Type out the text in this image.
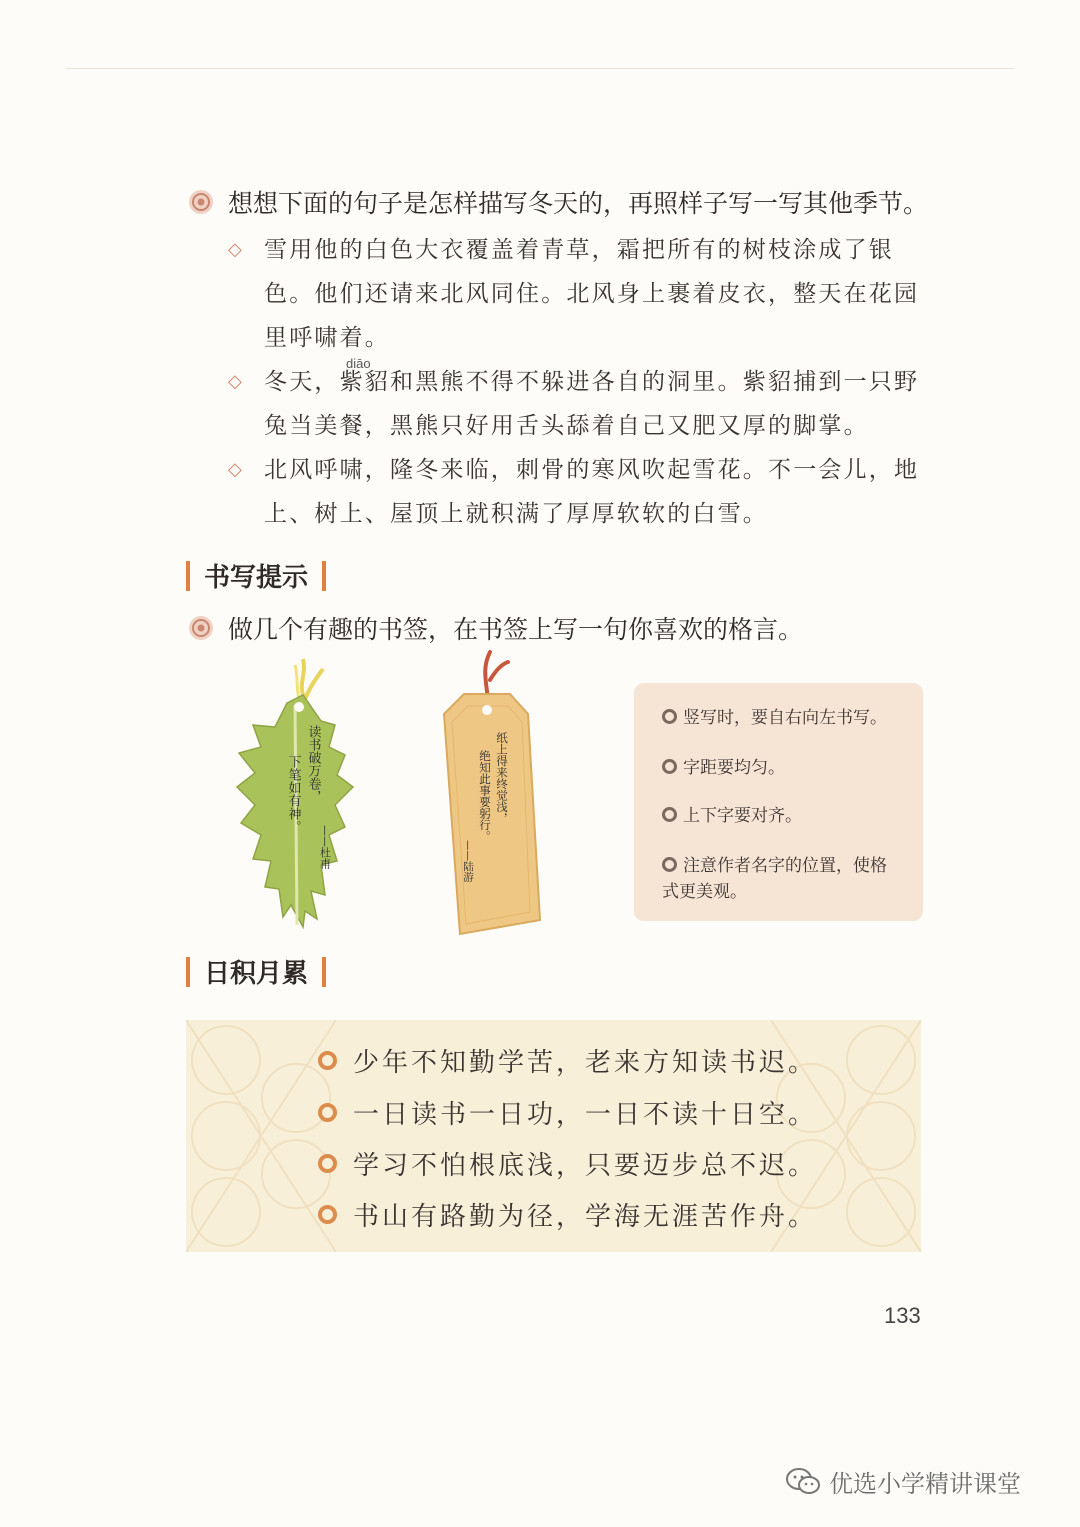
想想下面的句子是怎样描写冬天的，再照样子写一写其他季节。
◇ 雪用他的白色大衣覆盖着青草，霜把所有的树枝涂成了银
色。他们还请来北风同住。北风身上裹着皮衣，整天在花园
里呼啸着。
◇
diāo
冬天，紫貂和黑熊不得不躲进各自的洞里。紫貂捕到一只野
兔当美餐，黑熊只好用舌头舔着自己又肥又厚的脚掌。
◇ 北风呼啸，隆冬来临，刺骨的寒风吹起雪花。不一会儿，地
上、树上、屋顶上就积满了厚厚软软的白雪。
书写提示
做几个有趣的书签，在书签上写一句你喜欢的格言。
读书破万卷，
下笔如有神。
——杜甫
纸上得来终觉浅，
绝知此事要躬行。
——陆游
竖写时，要自右向左书写。
字距要均匀。
上下字要对齐。
注意作者名字的位置，使格式更美观。
日积月累
少年不知勤学苦，老来方知读书迟。
一日读书一日功，一日不读十日空。
学习不怕根底浅，只要迈步总不迟。
书山有路勤为径，学海无涯苦作舟。
133
优选小学精讲课堂
